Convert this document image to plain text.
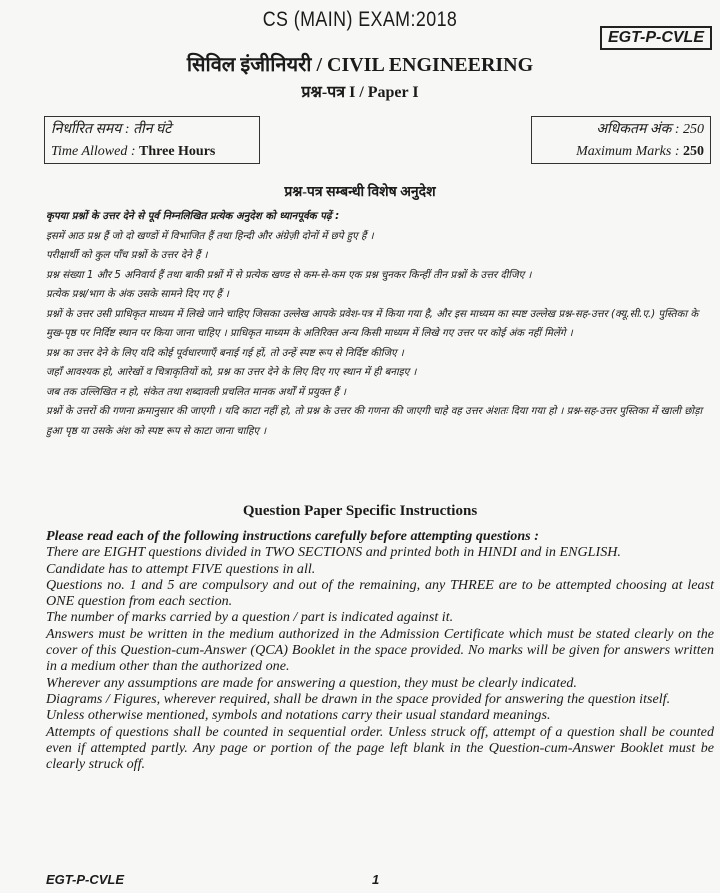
CS (MAIN) EXAM:2018
EGT-P-CVLE
सिविल इंजीनियरी / CIVIL ENGINEERING
प्रश्न-पत्र I / Paper I
निर्धारित समय : तीन घंटे
Time Allowed : Three Hours
अधिकतम अंक : 250
Maximum Marks : 250
प्रश्न-पत्र सम्बन्धी विशेष अनुदेश

कृपया प्रश्नों के उत्तर देने से पूर्व निम्नलिखित प्रत्येक अनुदेश को ध्यानपूर्वक पढ़ें :

इसमें आठ प्रश्न हैं जो दो खण्डों में विभाजित हैं तथा हिन्दी और अंग्रेज़ी दोनों में छपे हुए हैं ।

परीक्षार्थी को कुल पाँच प्रश्नों के उत्तर देने हैं ।

प्रश्न संख्या 1 और 5 अनिवार्य हैं तथा बाकी प्रश्नों में से प्रत्येक खण्ड से कम-से-कम एक प्रश्न चुनकर किन्हीं तीन प्रश्नों के उत्तर दीजिए ।

प्रत्येक प्रश्न/भाग के अंक उसके सामने दिए गए हैं ।

प्रश्नों के उत्तर उसी प्राधिकृत माध्यम में लिखे जाने चाहिए जिसका उल्लेख आपके प्रवेश-पत्र में किया गया है, और इस माध्यम का स्पष्ट उल्लेख प्रश्न-सह-उत्तर (क्यू.सी.ए.) पुस्तिका के मुख-पृष्ठ पर निर्दिष्ट स्थान पर किया जाना चाहिए । प्राधिकृत माध्यम के अतिरिक्त अन्य किसी माध्यम में लिखे गए उत्तर पर कोई अंक नहीं मिलेंगे ।

प्रश्न का उत्तर देने के लिए यदि कोई पूर्वधारणाएँ बनाई गई हों, तो उन्हें स्पष्ट रूप से निर्दिष्ट कीजिए ।

जहाँ आवश्यक हो, आरेखों व चित्राकृतियों को, प्रश्न का उत्तर देने के लिए दिए गए स्थान में ही बनाइए ।

जब तक उल्लिखित न हो, संकेत तथा शब्दावली प्रचलित मानक अर्थों में प्रयुक्त हैं ।

प्रश्नों के उत्तरों की गणना क्रमानुसार की जाएगी । यदि काटा नहीं हो, तो प्रश्न के उत्तर की गणना की जाएगी चाहे वह उत्तर अंशतः दिया गया हो । प्रश्न-सह-उत्तर पुस्तिका में खाली छोड़ा हुआ पृष्ठ या उसके अंश को स्पष्ट रूप से काटा जाना चाहिए ।

Question Paper Specific Instructions

Please read each of the following instructions carefully before attempting questions :

There are EIGHT questions divided in TWO SECTIONS and printed both in HINDI and in ENGLISH.

Candidate has to attempt FIVE questions in all.

Questions no. 1 and 5 are compulsory and out of the remaining, any THREE are to be attempted choosing at least ONE question from each section.

The number of marks carried by a question / part is indicated against it.

Answers must be written in the medium authorized in the Admission Certificate which must be stated clearly on the cover of this Question-cum-Answer (QCA) Booklet in the space provided. No marks will be given for answers written in a medium other than the authorized one.

Wherever any assumptions are made for answering a question, they must be clearly indicated.

Diagrams / Figures, wherever required, shall be drawn in the space provided for answering the question itself.

Unless otherwise mentioned, symbols and notations carry their usual standard meanings.

Attempts of questions shall be counted in sequential order. Unless struck off, attempt of a question shall be counted even if attempted partly. Any page or portion of the page left blank in the Question-cum-Answer Booklet must be clearly struck off.

EGT-P-CVLE	1
